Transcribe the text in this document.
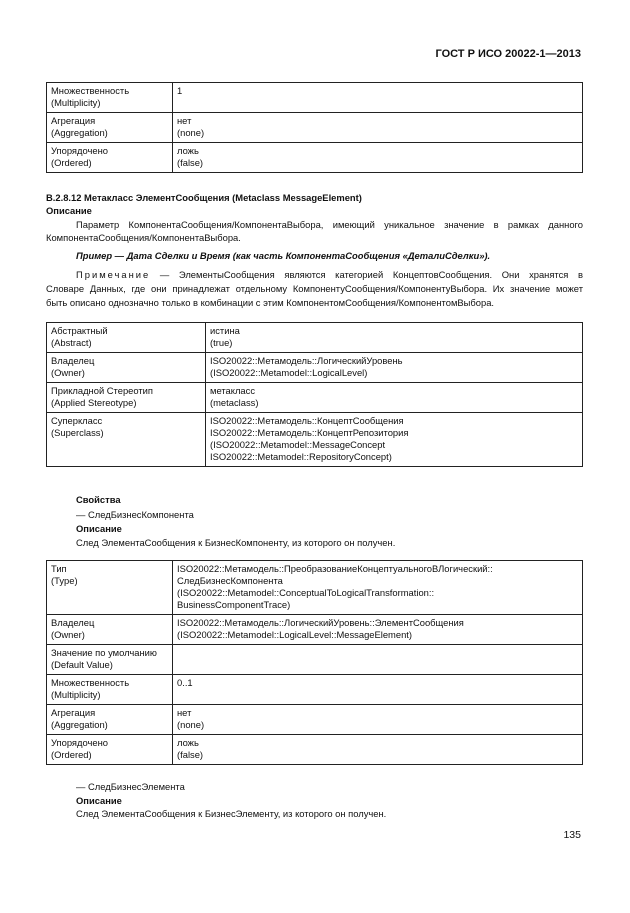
ГОСТ Р ИСО 20022-1—2013
Множественность
(Multiplicity)	1

Агрегация
(Aggregation)	нет
(none)

Упорядочено
(Ordered)	ложь
(false)
B.2.8.12 Метакласс ЭлементСообщения (Metaclass MessageElement)
Описание
Параметр КомпонентаСообщения/КомпонентаВыбора, имеющий уникальное значение в рамках данного
КомпонентаСообщения/КомпонентаВыбора.
Пример — Дата Сделки и Время (как часть КомпонентаСообщения «ДеталиСделки»).
Примечание — ЭлементыСообщения являются категорией КонцептовСообщения. Они хранятся в
Словаре Данных, где они принадлежат отдельному КомпонентуСообщения/КомпонентуВыбора. Их значение может
быть описано однозначно только в комбинации с этим КомпонентомСообщения/КомпонентомВыбора.
Абстрактный
(Abstract)	истина
(true)

Владелец
(Owner)	ISO20022::Метамодель::ЛогическийУровень
(ISO20022::Metamodel::LogicalLevel)

Прикладной Стереотип
(Applied Stereotype)	метакласс
(metaclass)

Суперкласс
(Superclass)	ISO20022::Метамодель::КонцептСообщения
ISO20022::Метамодель::КонцептРепозитория
(ISO20022::Metamodel::MessageConcept
ISO20022::Metamodel::RepositoryConcept)
Свойства
— СледБизнесКомпонента
Описание
След ЭлементаСообщения к БизнесКомпоненту, из которого он получен.
Тип
(Type)	ISO20022::Метамодель::ПреобразованиеКонцептуальногоВЛогический::
СледБизнесКомпонента
(ISO20022::Metamodel::ConceptualToLogicalTransformation::
BusinessComponentTrace)

Владелец
(Owner)	ISO20022::Метамодель::ЛогическийУровень::ЭлементСообщения
(ISO20022::Metamodel::LogicalLevel::MessageElement)

Значение по умолчанию
(Default Value)	

Множественность
(Multiplicity)	0..1

Агрегация
(Aggregation)	нет
(none)

Упорядочено
(Ordered)	ложь
(false)
— СледБизнесЭлемента
Описание
След ЭлементаСообщения к БизнесЭлементу, из которого он получен.
135
